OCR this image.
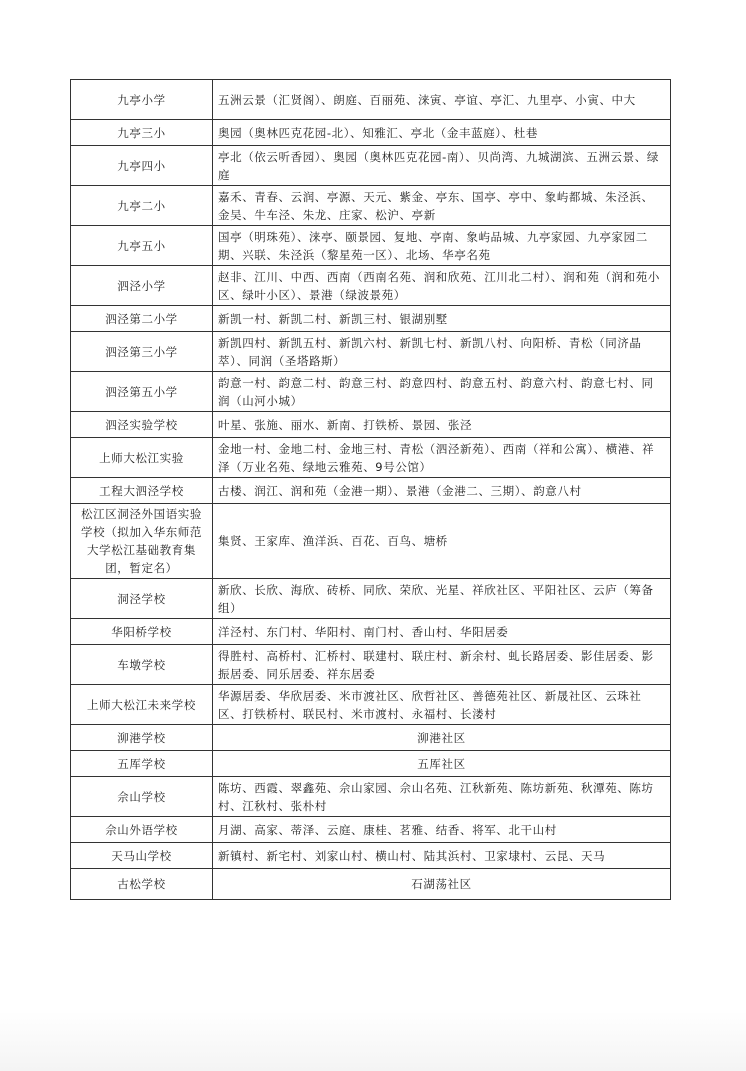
九亭小学	五洲云景（汇贤阁）、朗庭、百丽苑、涞寅、亭谊、亭汇、九里亭、小寅、中大
九亭三小	奥园（奥林匹克花园-北）、知雅汇、亭北（金丰蓝庭）、杜巷
九亭四小	亭北（依云听香园）、奥园（奥林匹克花园-南）、贝尚湾、九城湖滨、五洲云景、绿庭
九亭二小	嘉禾、青春、云润、亭源、天元、紫金、亭东、国亭、亭中、象屿都城、朱泾浜、金吴、牛车泾、朱龙、庄家、松沪、亭新
九亭五小	国亭（明珠苑）、涞亭、颐景园、复地、亭南、象屿品城、九亭家园、九亭家园二期、兴联、朱泾浜（黎星苑一区）、北场、华亭名苑
泗泾小学	赵非、江川、中西、西南（西南名苑、润和欣苑、江川北二村）、润和苑（润和苑小区、绿叶小区）、景港（绿波景苑）
泗泾第二小学	新凯一村、新凯二村、新凯三村、银湖别墅
泗泾第三小学	新凯四村、新凯五村、新凯六村、新凯七村、新凯八村、向阳桥、青松（同济晶萃）、同润（圣塔路斯）
泗泾第五小学	韵意一村、韵意二村、韵意三村、韵意四村、韵意五村、韵意六村、韵意七村、同润（山河小城）
泗泾实验学校	叶星、张施、丽水、新南、打铁桥、景园、张泾
上师大松江实验	金地一村、金地二村、金地三村、青松（泗泾新苑）、西南（祥和公寓）、横港、祥泽（万业名苑、绿地云雅苑、9号公馆）
工程大泗泾学校	古楼、润江、润和苑（金港一期）、景港（金港二、三期）、韵意八村
松江区洞泾外国语实验学校（拟加入华东师范大学松江基础教育集团，暂定名）	集贤、王家库、渔洋浜、百花、百鸟、塘桥
洞泾学校	新欣、长欣、海欣、砖桥、同欣、荣欣、光星、祥欣社区、平阳社区、云庐（筹备组）
华阳桥学校	洋泾村、东门村、华阳村、南门村、香山村、华阳居委
车墩学校	得胜村、高桥村、汇桥村、联建村、联庄村、新余村、虬长路居委、影佳居委、影振居委、同乐居委、祥东居委
上师大松江未来学校	华源居委、华欣居委、米市渡社区、欣哲社区、善德苑社区、新晟社区、云珠社区、打铁桥村、联民村、米市渡村、永福村、长溇村
泖港学校	泖港社区
五厍学校	五厍社区
佘山学校	陈坊、西霞、翠鑫苑、佘山家园、佘山名苑、江秋新苑、陈坊新苑、秋潭苑、陈坊村、江秋村、张朴村
佘山外语学校	月湖、高家、蒂泽、云庭、康桂、茗雅、结香、将军、北干山村
天马山学校	新镇村、新宅村、刘家山村、横山村、陆其浜村、卫家埭村、云昆、天马
古松学校	石湖荡社区
